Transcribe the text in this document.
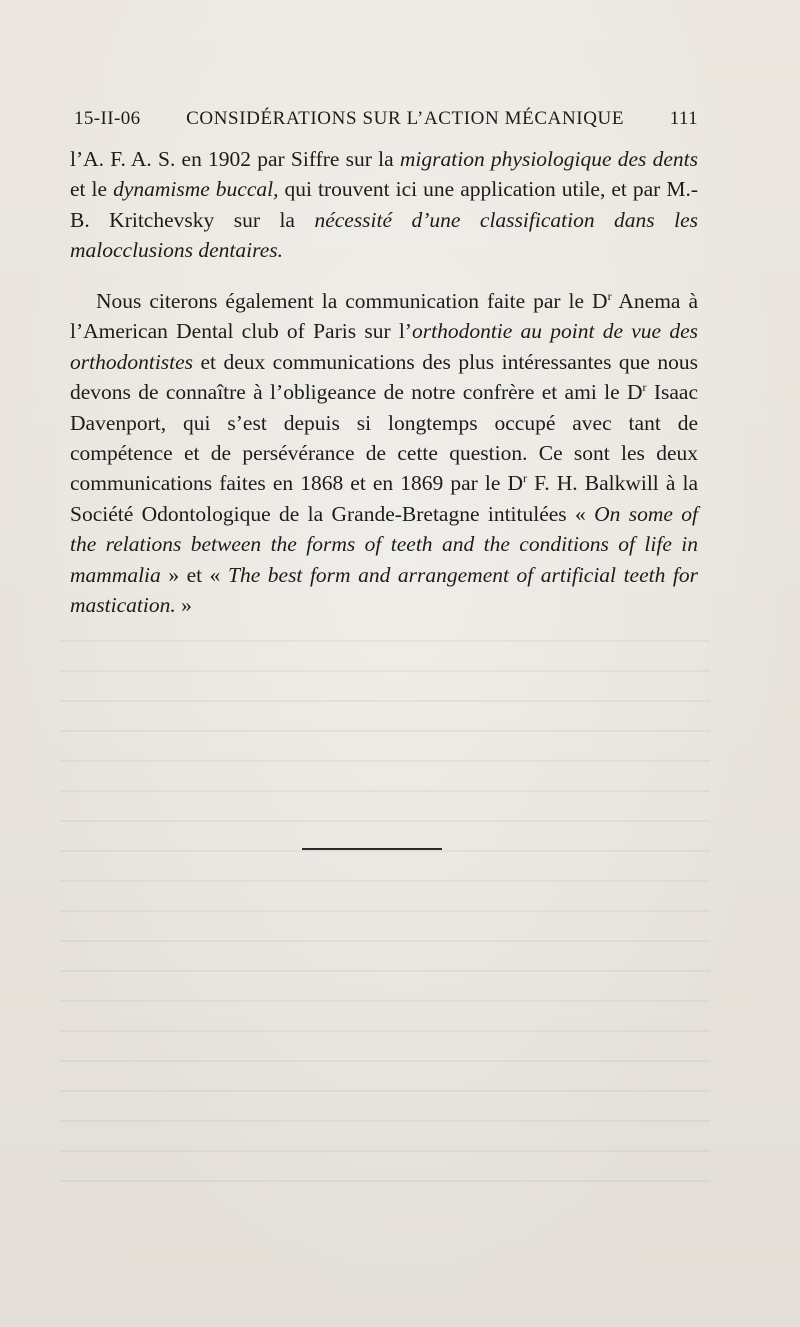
15-II-06 CONSIDÉRATIONS SUR L’ACTION MÉCANIQUE 111
l’A. F. A. S. en 1902 par Siffre sur la migration physiologique des dents et le dynamisme buccal, qui trouvent ici une application utile, et par M.-B. Kritchevsky sur la nécessité d’une classification dans les malocclusions dentaires.
Nous citerons également la communication faite par le $D^r$ Anema à l’American Dental club of Paris sur l’orthodontie au point de vue des orthodontistes et deux communications des plus intéressantes que nous devons de connaître à l’obligeance de notre confrère et ami le $D^r$ Isaac Davenport, qui s’est depuis si longtemps occupé avec tant de compétence et de persévérance de cette question. Ce sont les deux communications faites en 1868 et en 1869 par le $D^r$ F. H. Balkwill à la Société Odontologique de la Grande-Bretagne intitulées « On some of the relations between the forms of teeth and the conditions of life in mammalia » et « The best form and arrangement of artificial teeth for mastication. »
